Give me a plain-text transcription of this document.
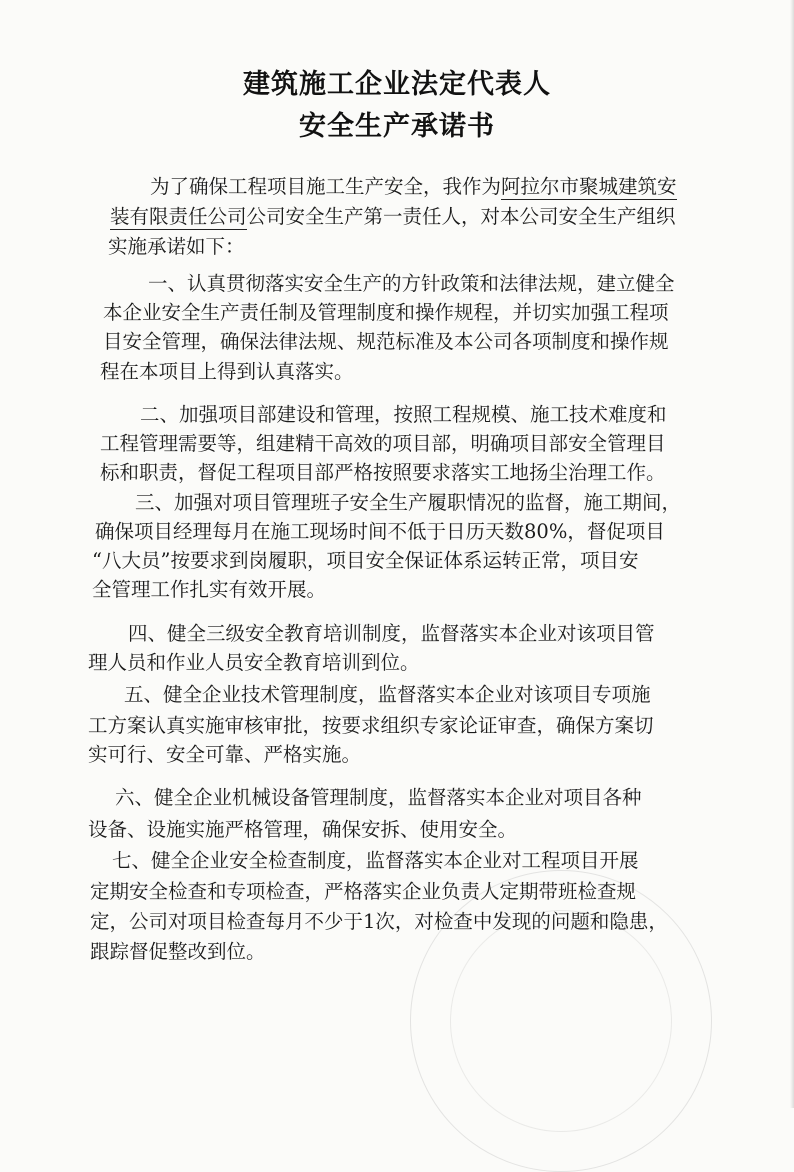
建筑施工企业法定代表人
安全生产承诺书
为了确保工程项目施工生产安全，我作为阿拉尔市聚城建筑安
装有限责任公司公司安全生产第一责任人，对本公司安全生产组织
实施承诺如下：
一、认真贯彻落实安全生产的方针政策和法律法规，建立健全
本企业安全生产责任制及管理制度和操作规程，并切实加强工程项
目安全管理，确保法律法规、规范标准及本公司各项制度和操作规
程在本项目上得到认真落实。
二、加强项目部建设和管理，按照工程规模、施工技术难度和
工程管理需要等，组建精干高效的项目部，明确项目部安全管理目
标和职责，督促工程项目部严格按照要求落实工地扬尘治理工作。
三、加强对项目管理班子安全生产履职情况的监督，施工期间，
确保项目经理每月在施工现场时间不低于日历天数80%，督促项目
“八大员”按要求到岗履职，项目安全保证体系运转正常，项目安
全管理工作扎实有效开展。
四、健全三级安全教育培训制度，监督落实本企业对该项目管
理人员和作业人员安全教育培训到位。
五、健全企业技术管理制度，监督落实本企业对该项目专项施
工方案认真实施审核审批，按要求组织专家论证审查，确保方案切
实可行、安全可靠、严格实施。
六、健全企业机械设备管理制度，监督落实本企业对项目各种
设备、设施实施严格管理，确保安拆、使用安全。
七、健全企业安全检查制度，监督落实本企业对工程项目开展
定期安全检查和专项检查，严格落实企业负责人定期带班检查规
定，公司对项目检查每月不少于1次，对检查中发现的问题和隐患，
跟踪督促整改到位。
